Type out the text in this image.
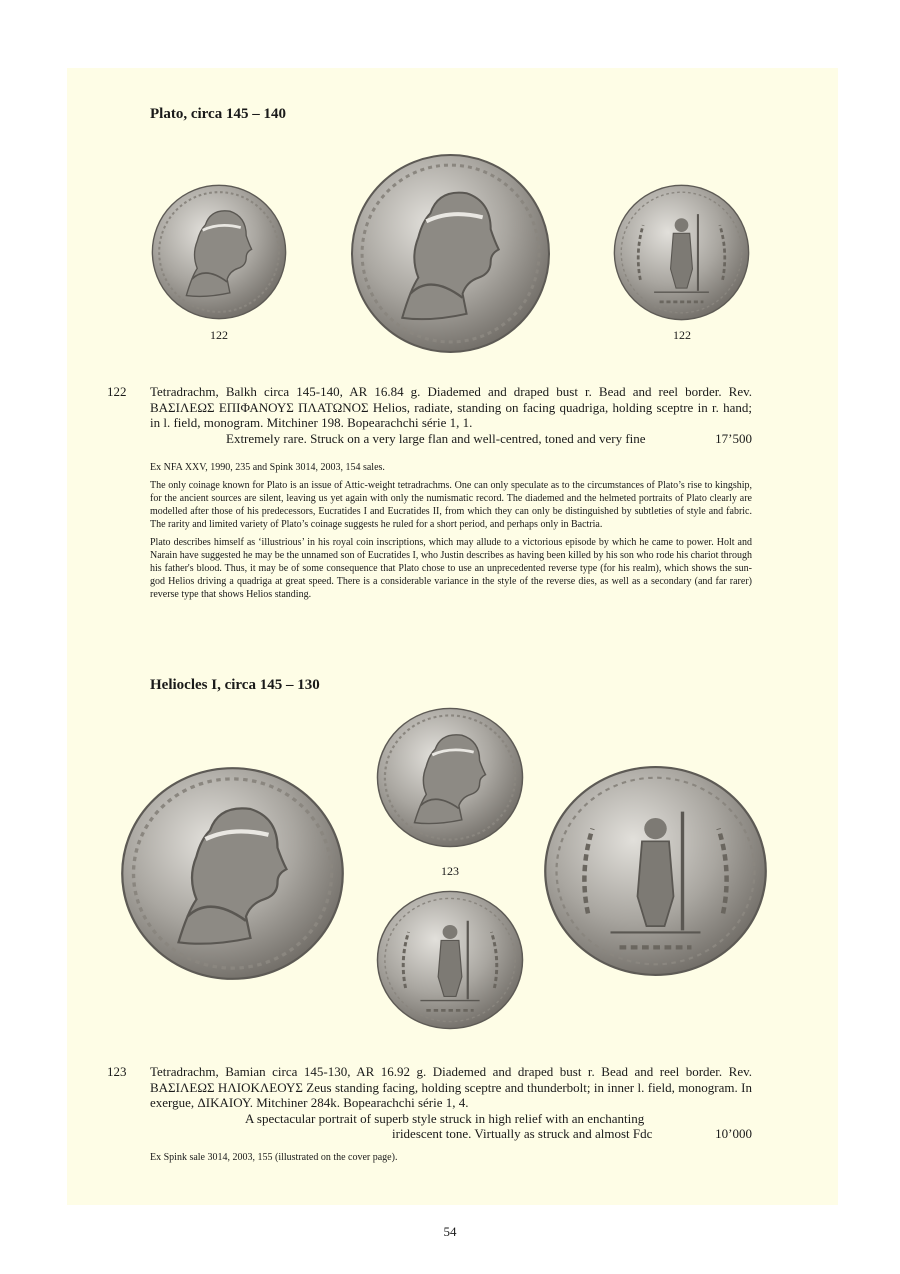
Plato, circa 145 – 140
122	122
122 Tetradrachm, Balkh circa 145-140, AR 16.84 g. Diademed and draped bust r. Bead and reel border. Rev. ΒΑΣΙΛΕΩΣ ΕΠΙΦΑΝΟΥΣ ΠΛΑΤΩΝΟΣ Helios, radiate, standing on facing quadriga, holding sceptre in r. hand; in l. field, monogram. Mitchiner 198. Bopearachchi série 1, 1.

Extremely rare. Struck on a very large flan and well-centred, toned and very fine	17’500

Ex NFA XXV, 1990, 235 and Spink 3014, 2003, 154 sales.

The only coinage known for Plato is an issue of Attic-weight tetradrachms. One can only speculate as to the circumstances of Plato’s rise to kingship, for the ancient sources are silent, leaving us yet again with only the numismatic record. The diademed and the helmeted portraits of Plato clearly are modelled after those of his predecessors, Eucratides I and Eucratides II, from which they can only be distinguished by subtleties of style and fabric. The rarity and limited variety of Plato’s coinage suggests he ruled for a short period, and perhaps only in Bactria.

Plato describes himself as ‘illustrious’ in his royal coin inscriptions, which may allude to a victorious episode by which he came to power. Holt and Narain have suggested he may be the unnamed son of Eucratides I, who Justin describes as having been killed by his son who rode his chariot through his father's blood. Thus, it may be of some consequence that Plato chose to use an unprecedented reverse type (for his realm), which shows the sun-god Helios driving a quadriga at great speed. There is a considerable variance in the style of the reverse dies, as well as a secondary (and far rarer) reverse type that shows Helios standing.

Heliocles I, circa 145 – 130
123
123 Tetradrachm, Bamian circa 145-130, AR 16.92 g. Diademed and draped bust r. Bead and reel border. Rev. ΒΑΣΙΛΕΩΣ ΗΛΙΟΚΛΕΟΥΣ Zeus standing facing, holding sceptre and thunderbolt; in inner l. field, monogram. In exergue, ΔΙΚΑΙΟΥ. Mitchiner 284k. Bopearachchi série 1, 4.

A spectacular portrait of superb style struck in high relief with an enchanting
iridescent tone. Virtually as struck and almost Fdc	10’000

Ex Spink sale 3014, 2003, 155 (illustrated on the cover page).

54
